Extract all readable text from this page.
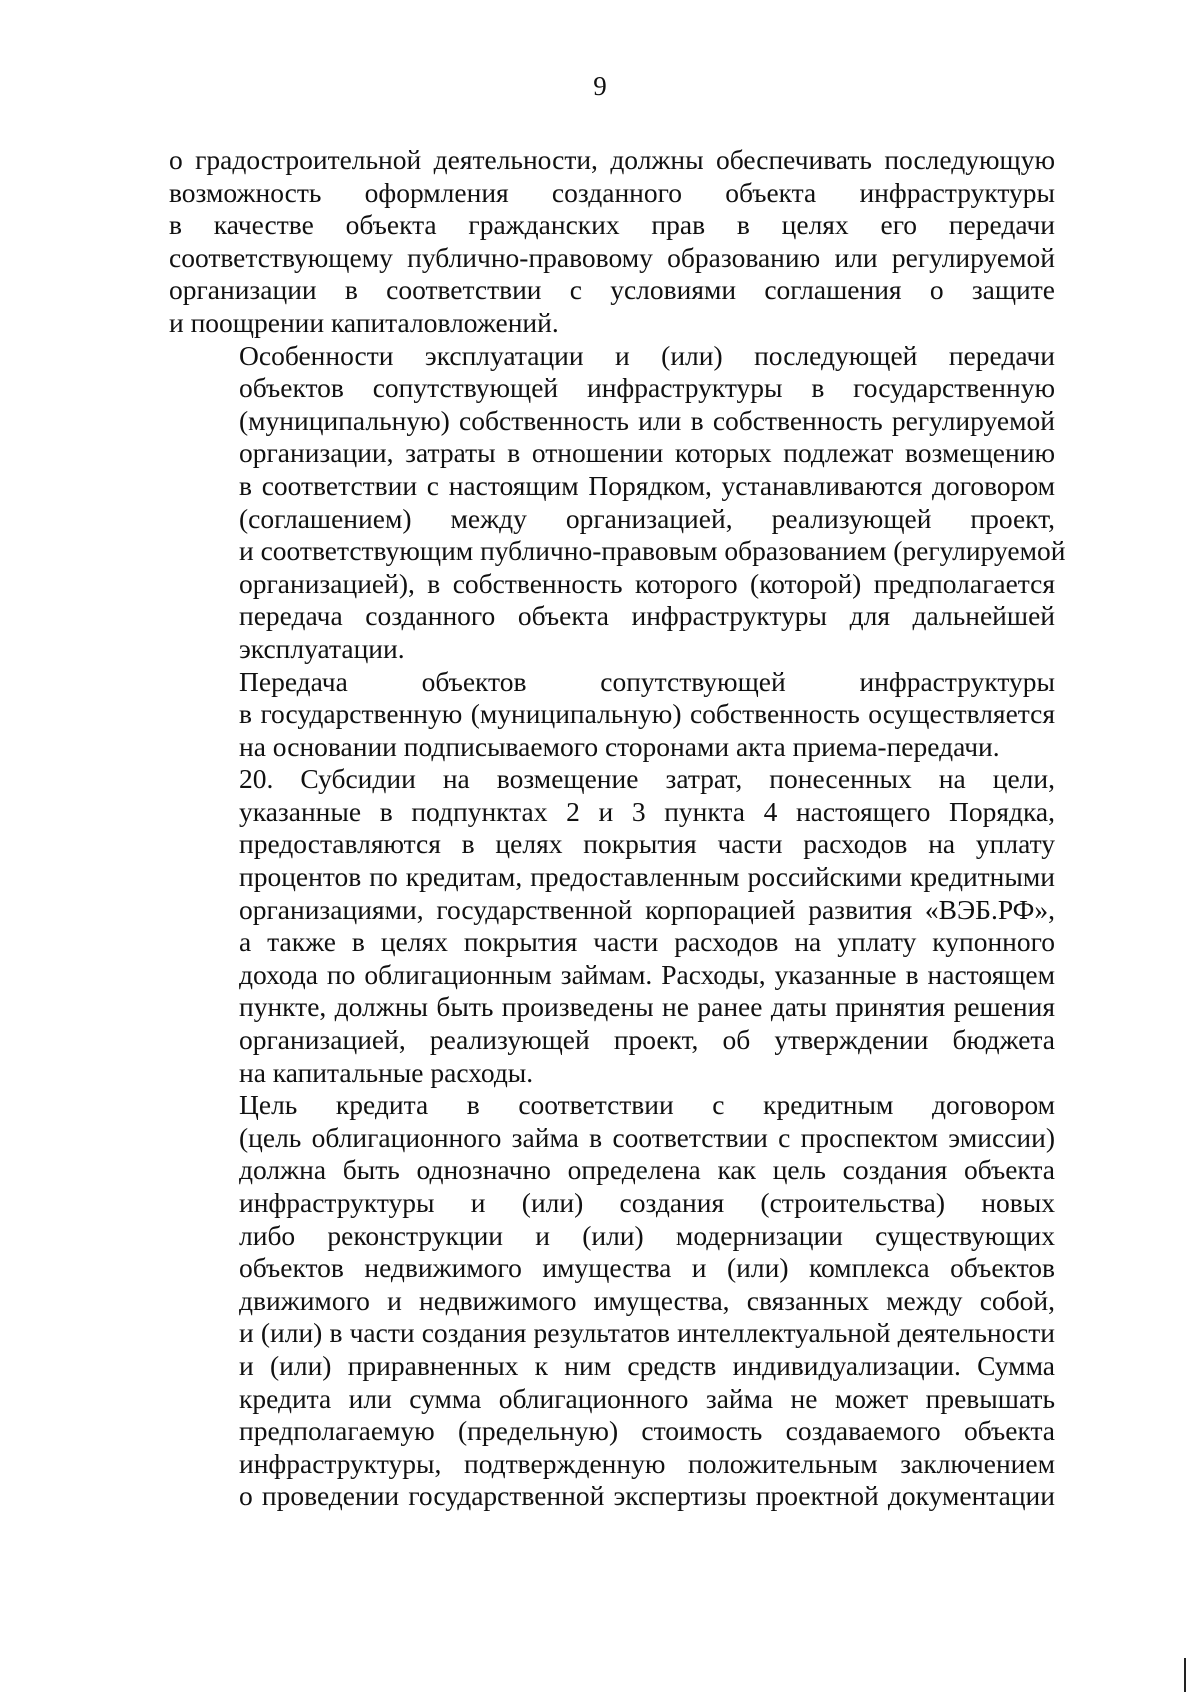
9
о градостроительной деятельности, должны обеспечивать последующую
возможность оформления созданного объекта инфраструктуры
в качестве объекта гражданских прав в целях его передачи
соответствующему публично-правовому образованию или регулируемой
организации в соответствии с условиями соглашения о защите
и поощрении капиталовложений.
Особенности эксплуатации и (или) последующей передачи
объектов сопутствующей инфраструктуры в государственную
(муниципальную) собственность или в собственность регулируемой
организации, затраты в отношении которых подлежат возмещению
в соответствии с настоящим Порядком, устанавливаются договором
(соглашением) между организацией, реализующей проект,
и соответствующим публично-правовым образованием (регулируемой
организацией), в собственность которого (которой) предполагается
передача созданного объекта инфраструктуры для дальнейшей
эксплуатации.
Передача объектов сопутствующей инфраструктуры
в государственную (муниципальную) собственность осуществляется
на основании подписываемого сторонами акта приема-передачи.
20. Субсидии на возмещение затрат, понесенных на цели,
указанные в подпунктах 2 и 3 пункта 4 настоящего Порядка,
предоставляются в целях покрытия части расходов на уплату
процентов по кредитам, предоставленным российскими кредитными
организациями, государственной корпорацией развития «ВЭБ.РФ»,
а также в целях покрытия части расходов на уплату купонного
дохода по облигационным займам. Расходы, указанные в настоящем
пункте, должны быть произведены не ранее даты принятия решения
организацией, реализующей проект, об утверждении бюджета
на капитальные расходы.
Цель кредита в соответствии с кредитным договором
(цель облигационного займа в соответствии с проспектом эмиссии)
должна быть однозначно определена как цель создания объекта
инфраструктуры и (или) создания (строительства) новых
либо реконструкции и (или) модернизации существующих
объектов недвижимого имущества и (или) комплекса объектов
движимого и недвижимого имущества, связанных между собой,
и (или) в части создания результатов интеллектуальной деятельности
и (или) приравненных к ним средств индивидуализации. Сумма
кредита или сумма облигационного займа не может превышать
предполагаемую (предельную) стоимость создаваемого объекта
инфраструктуры, подтвержденную положительным заключением
о проведении государственной экспертизы проектной документации
